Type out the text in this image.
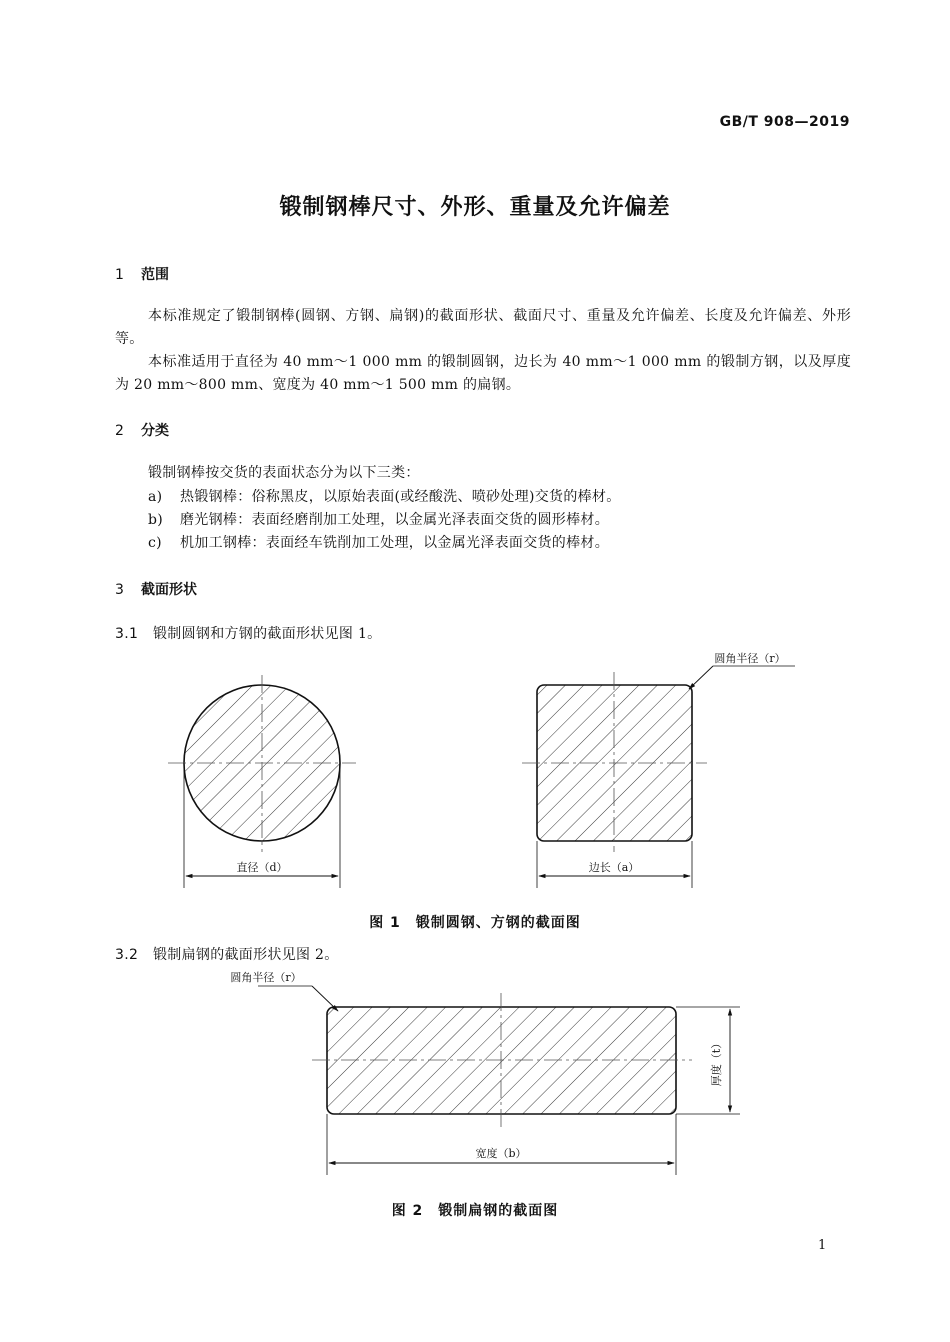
GB/T 908—2019
锻制钢棒尺寸、外形、重量及允许偏差
1 范围
本标准规定了锻制钢棒(圆钢、方钢、扁钢)的截面形状、截面尺寸、重量及允许偏差、长度及允许偏差、外形等。
本标准适用于直径为 40 mm～1 000 mm 的锻制圆钢，边长为 40 mm～1 000 mm 的锻制方钢，以及厚度为 20 mm～800 mm、宽度为 40 mm～1 500 mm 的扁钢。
2 分类
锻制钢棒按交货的表面状态分为以下三类：
a) 热锻钢棒：俗称黑皮，以原始表面(或经酸洗、喷砂处理)交货的棒材。
b) 磨光钢棒：表面经磨削加工处理，以金属光泽表面交货的圆形棒材。
c) 机加工钢棒：表面经车铣削加工处理，以金属光泽表面交货的棒材。
3 截面形状
3.1 锻制圆钢和方钢的截面形状见图 1。
直径（d）	边长（a）
圆角半径（r）
图 1　锻制圆钢、方钢的截面图
3.2 锻制扁钢的截面形状见图 2。
宽度（b）
厚度（t）
圆角半径（r）
图 2　锻制扁钢的截面图
1
